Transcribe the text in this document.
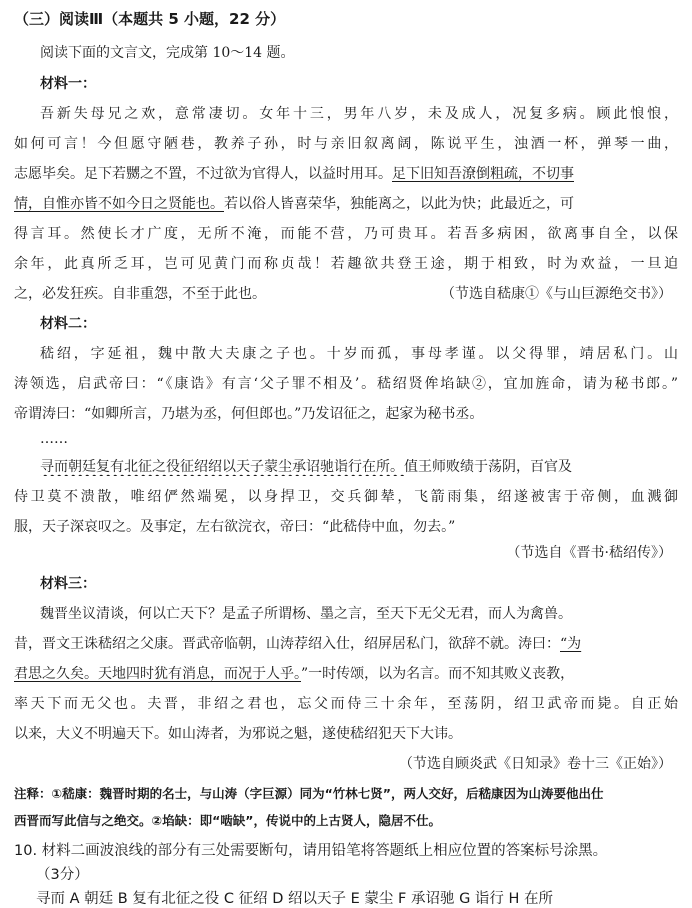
（三）阅读Ⅲ（本题共 5 小题，22 分）
阅读下面的文言文，完成第 10～14 题。
材料一：
吾新失母兄之欢，意常凄切。女年十三，男年八岁，未及成人，况复多病。顾此悢悢，
如何可言！今但愿守陋巷，教养子孙，时与亲旧叙离阔，陈说平生，浊酒一杯，弹琴一曲，
志愿毕矣。足下若嬲之不置，不过欲为官得人，以益时用耳。足下旧知吾潦倒粗疏，不切事
情，自惟亦皆不如今日之贤能也。若以俗人皆喜荣华，独能离之，以此为快；此最近之，可
得言耳。然使长才广度，无所不淹，而能不营，乃可贵耳。若吾多病困，欲离事自全，以保
余年，此真所乏耳，岂可见黄门而称贞哉！若趣欲共登王途，期于相致，时为欢益，一旦迫
之，必发狂疾。自非重怨，不至于此也。	（节选自嵇康①《与山巨源绝交书》）
材料二：
嵇绍，字延祖，魏中散大夫康之子也。十岁而孤，事母孝谨。以父得罪，靖居私门。山
涛领选，启武帝曰：“《康诰》有言‘父子罪不相及’。嵇绍贤侔埳缺②，宜加旌命，请为秘书郎。”
帝谓涛曰：“如卿所言，乃堪为丞，何但郎也。”乃发诏征之，起家为秘书丞。
……
寻而朝廷复有北征之役征绍绍以天子蒙尘承诏驰诣行在所。值王师败绩于荡阴，百官及
侍卫莫不溃散，唯绍俨然端冕，以身捍卫，交兵御辇，飞箭雨集，绍遂被害于帝侧，血溅御
服，天子深哀叹之。及事定，左右欲浣衣，帝曰：“此嵇侍中血，勿去。”
（节选自《晋书·嵇绍传》）
材料三：
魏晋坐议清谈，何以亡天下？是孟子所谓杨、墨之言，至天下无父无君，而人为禽兽。
昔，晋文王诛嵇绍之父康。晋武帝临朝，山涛荐绍入仕，绍屏居私门，欲辞不就。涛曰：“为
君思之久矣。天地四时犹有消息，而况于人乎。”一时传颂，以为名言。而不知其败义丧教，
率天下而无父也。夫晋，非绍之君也，忘父而侍三十余年，至荡阴，绍卫武帝而毙。自正始
以来，大义不明遍天下。如山涛者，为邪说之魁，遂使嵇绍犯天下大讳。
（节选自顾炎武《日知录》卷十三《正始》）
注释：①嵇康：魏晋时期的名士，与山涛（字巨源）同为“竹林七贤”，两人交好，后嵇康因为山涛要他出仕
西晋而写此信与之绝交。②埳缺：即“啮缺”，传说中的上古贤人，隐居不仕。
10. 材料二画波浪线的部分有三处需要断句，请用铅笔将答题纸上相应位置的答案标号涂黑。
（3分）
寻而 A 朝廷 B 复有北征之役 C 征绍 D 绍以天子 E 蒙尘 F 承诏驰 G 诣行 H 在所
